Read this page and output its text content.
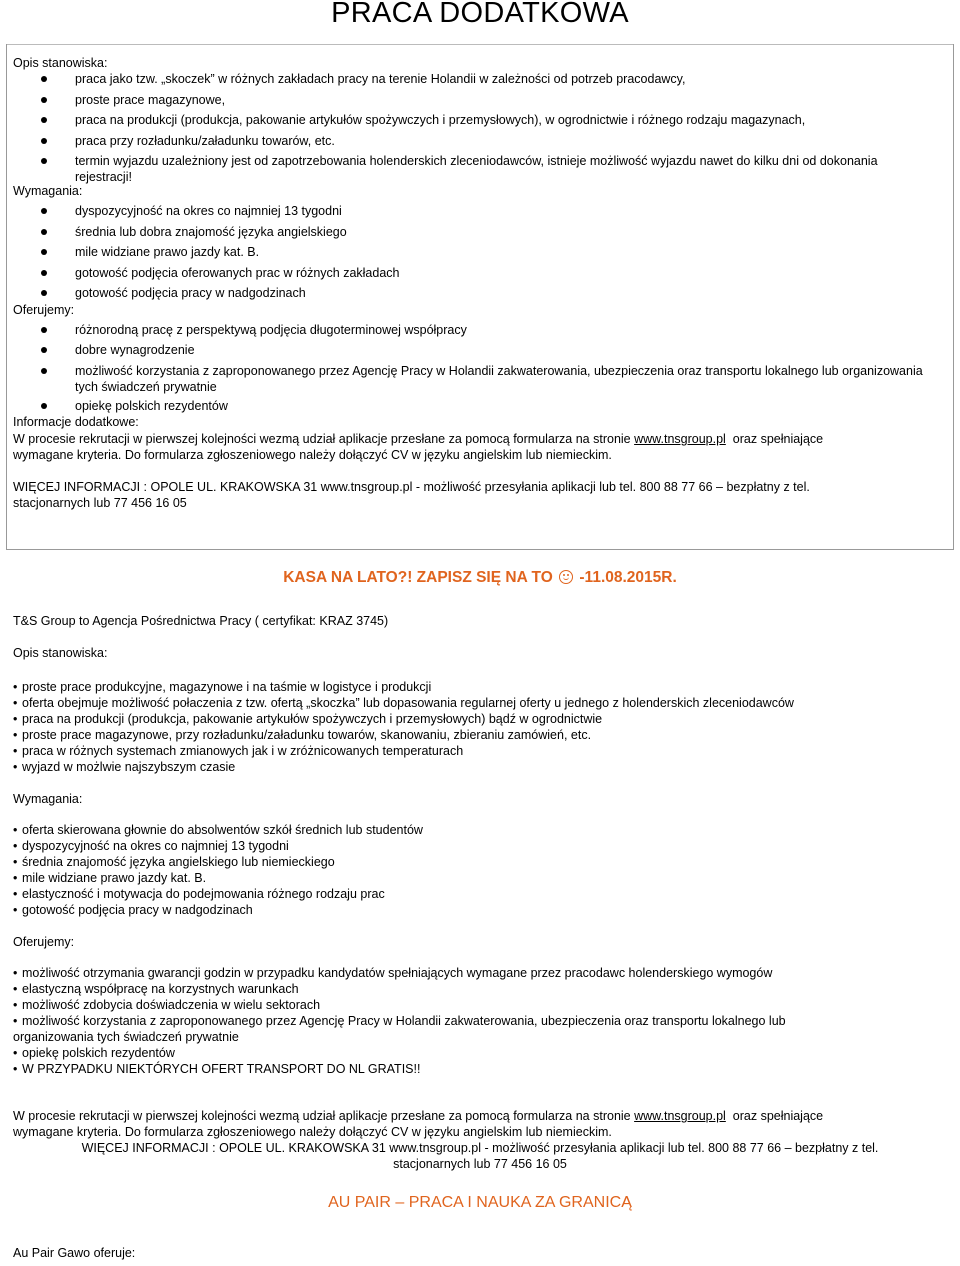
PRACA DODATKOWA
Opis stanowiska:
praca jako tzw. „skoczek” w różnych zakładach pracy na terenie Holandii w zależności od potrzeb pracodawcy,
proste prace magazynowe,
praca na produkcji (produkcja, pakowanie artykułów spożywczych i przemysłowych), w ogrodnictwie i różnego rodzaju magazynach,
praca przy rozładunku/załadunku towarów, etc.
termin wyjazdu uzależniony jest od zapotrzebowania holenderskich zleceniodawców, istnieje możliwość wyjazdu nawet do kilku dni od dokonania rejestracji!
Wymagania:
dyspozycyjność na okres co najmniej 13 tygodni
średnia lub dobra znajomość języka angielskiego
mile widziane prawo jazdy kat. B.
gotowość podjęcia oferowanych prac w różnych zakładach
gotowość podjęcia pracy w nadgodzinach
Oferujemy:
różnorodną pracę z perspektywą podjęcia długoterminowej współpracy
dobre wynagrodzenie
możliwość korzystania z zaproponowanego przez Agencję Pracy w Holandii zakwaterowania, ubezpieczenia oraz transportu lokalnego lub organizowania tych świadczeń prywatnie
opiekę polskich rezydentów
Informacje dodatkowe:
W procesie rekrutacji w pierwszej kolejności wezmą udział aplikacje przesłane za pomocą formularza na stronie www.tnsgroup.pl oraz spełniające
wymagane kryteria. Do formularza zgłoszeniowego należy dołączyć CV w języku angielskim lub niemieckim.
WIĘCEJ INFORMACJI : OPOLE UL. KRAKOWSKA 31 www.tnsgroup.pl - możliwość przesyłania aplikacji lub tel. 800 88 77 66 – bezpłatny z tel.
stacjonarnych lub 77 456 16 05
KASA NA LATO?! ZAPISZ SIĘ NA TO -11.08.2015R.
T&S Group to Agencja Pośrednictwa Pracy ( certyfikat: KRAZ 3745)
Opis stanowiska:
• proste prace produkcyjne, magazynowe i na taśmie w logistyce i produkcji
• oferta obejmuje możliwość połaczenia z tzw. ofertą „skoczka” lub dopasowania regularnej oferty u jednego z holenderskich zleceniodawców
• praca na produkcji (produkcja, pakowanie artykułów spożywczych i przemysłowych) bądź w ogrodnictwie
• proste prace magazynowe, przy rozładunku/załadunku towarów, skanowaniu, zbieraniu zamówień, etc.
• praca w różnych systemach zmianowych jak i w zróżnicowanych temperaturach
• wyjazd w możlwie najszybszym czasie
Wymagania:
• oferta skierowana głownie do absolwentów szkół średnich lub studentów
• dyspozycyjność na okres co najmniej 13 tygodni
• średnia znajomość języka angielskiego lub niemieckiego
• mile widziane prawo jazdy kat. B.
• elastyczność i motywacja do podejmowania różnego rodzaju prac
• gotowość podjęcia pracy w nadgodzinach
Oferujemy:
• możliwość otrzymania gwarancji godzin w przypadku kandydatów spełniających wymagane przez pracodawc holenderskiego wymogów
• elastyczną współpracę na korzystnych warunkach
• możliwość zdobycia doświadczenia w wielu sektorach
• możliwość korzystania z zaproponowanego przez Agencję Pracy w Holandii zakwaterowania, ubezpieczenia oraz transportu lokalnego lub
organizowania tych świadczeń prywatnie
• opiekę polskich rezydentów
• W PRZYPADKU NIEKTÓRYCH OFERT TRANSPORT DO NL GRATIS!!
W procesie rekrutacji w pierwszej kolejności wezmą udział aplikacje przesłane za pomocą formularza na stronie www.tnsgroup.pl oraz spełniające
wymagane kryteria. Do formularza zgłoszeniowego należy dołączyć CV w języku angielskim lub niemieckim.
WIĘCEJ INFORMACJI : OPOLE UL. KRAKOWSKA 31 www.tnsgroup.pl - możliwość przesyłania aplikacji lub tel. 800 88 77 66 – bezpłatny z tel.
stacjonarnych lub 77 456 16 05
AU PAIR – PRACA I NAUKA ZA GRANICĄ
Au Pair Gawo oferuje:
